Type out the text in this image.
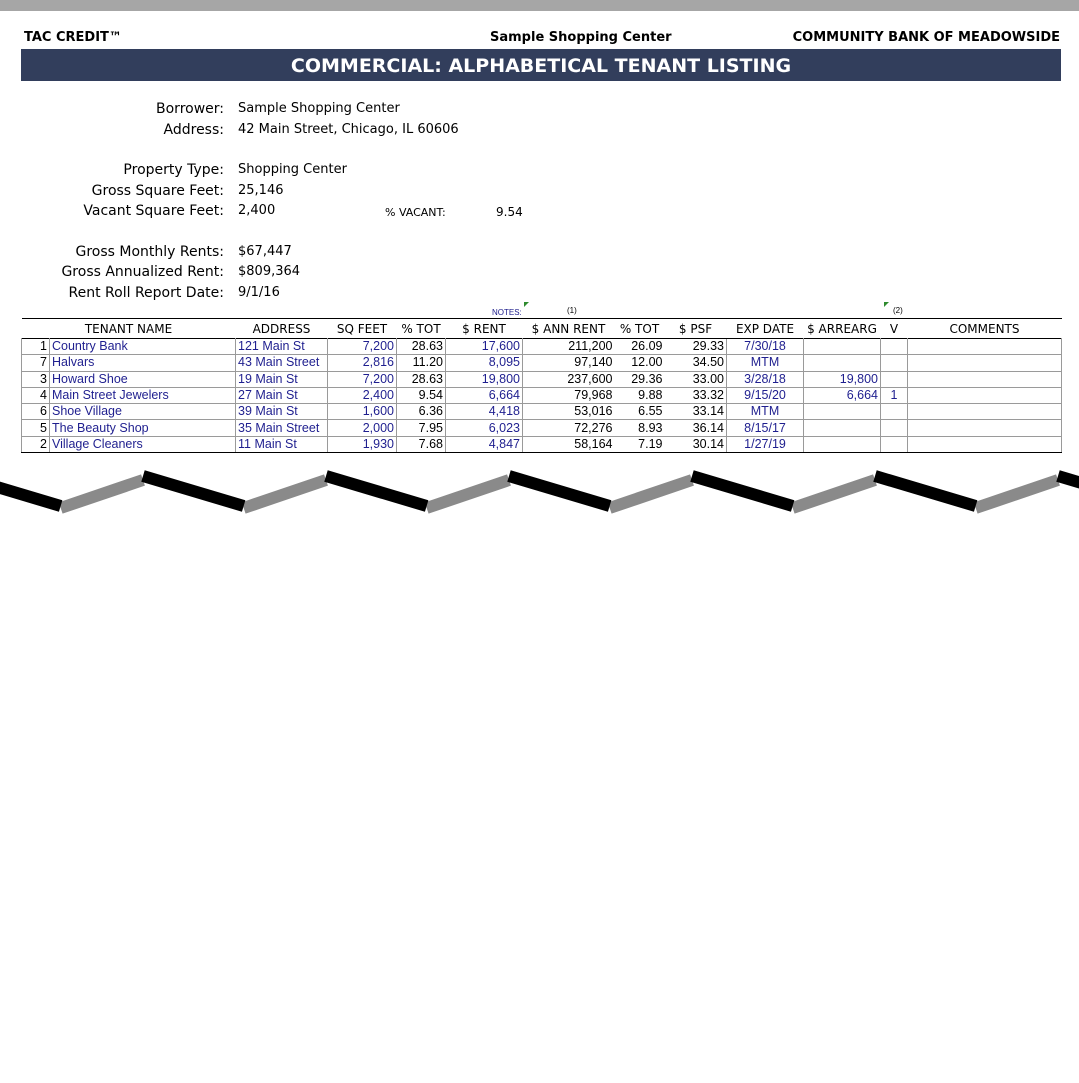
TAC CREDIT™	Sample Shopping Center	COMMUNITY BANK OF MEADOWSIDE
COMMERCIAL: ALPHABETICAL TENANT LISTING
Borrower: Sample Shopping Center
Address: 42 Main Street, Chicago, IL 60606
Property Type: Shopping Center
Gross Square Feet: 25,146
Vacant Square Feet: 2,400	% VACANT:	9.54
Gross Monthly Rents: $67,447
Gross Annualized Rent: $809,364
Rent Roll Report Date: 9/1/16
NOTES:	(1)	(2)
TENANT NAME		ADDRESS	SQ FEET	% TOT	$ RENT	$ ANN RENT	% TOT	$ PSF	EXP DATE	$ ARREARG	V	COMMENTS
1	Country Bank	121 Main St	7,200	28.63	17,600	211,200	26.09	29.33	7/30/18			
7	Halvars	43 Main Street	2,816	11.20	8,095	97,140	12.00	34.50	MTM			
3	Howard Shoe	19 Main St	7,200	28.63	19,800	237,600	29.36	33.00	3/28/18	19,800		
4	Main Street Jewelers	27 Main St	2,400	9.54	6,664	79,968	9.88	33.32	9/15/20	6,664	1	
6	Shoe Village	39 Main St	1,600	6.36	4,418	53,016	6.55	33.14	MTM			
5	The Beauty Shop	35 Main Street	2,000	7.95	6,023	72,276	8.93	36.14	8/15/17			
2	Village Cleaners	11 Main St	1,930	7.68	4,847	58,164	7.19	30.14	1/27/19			
